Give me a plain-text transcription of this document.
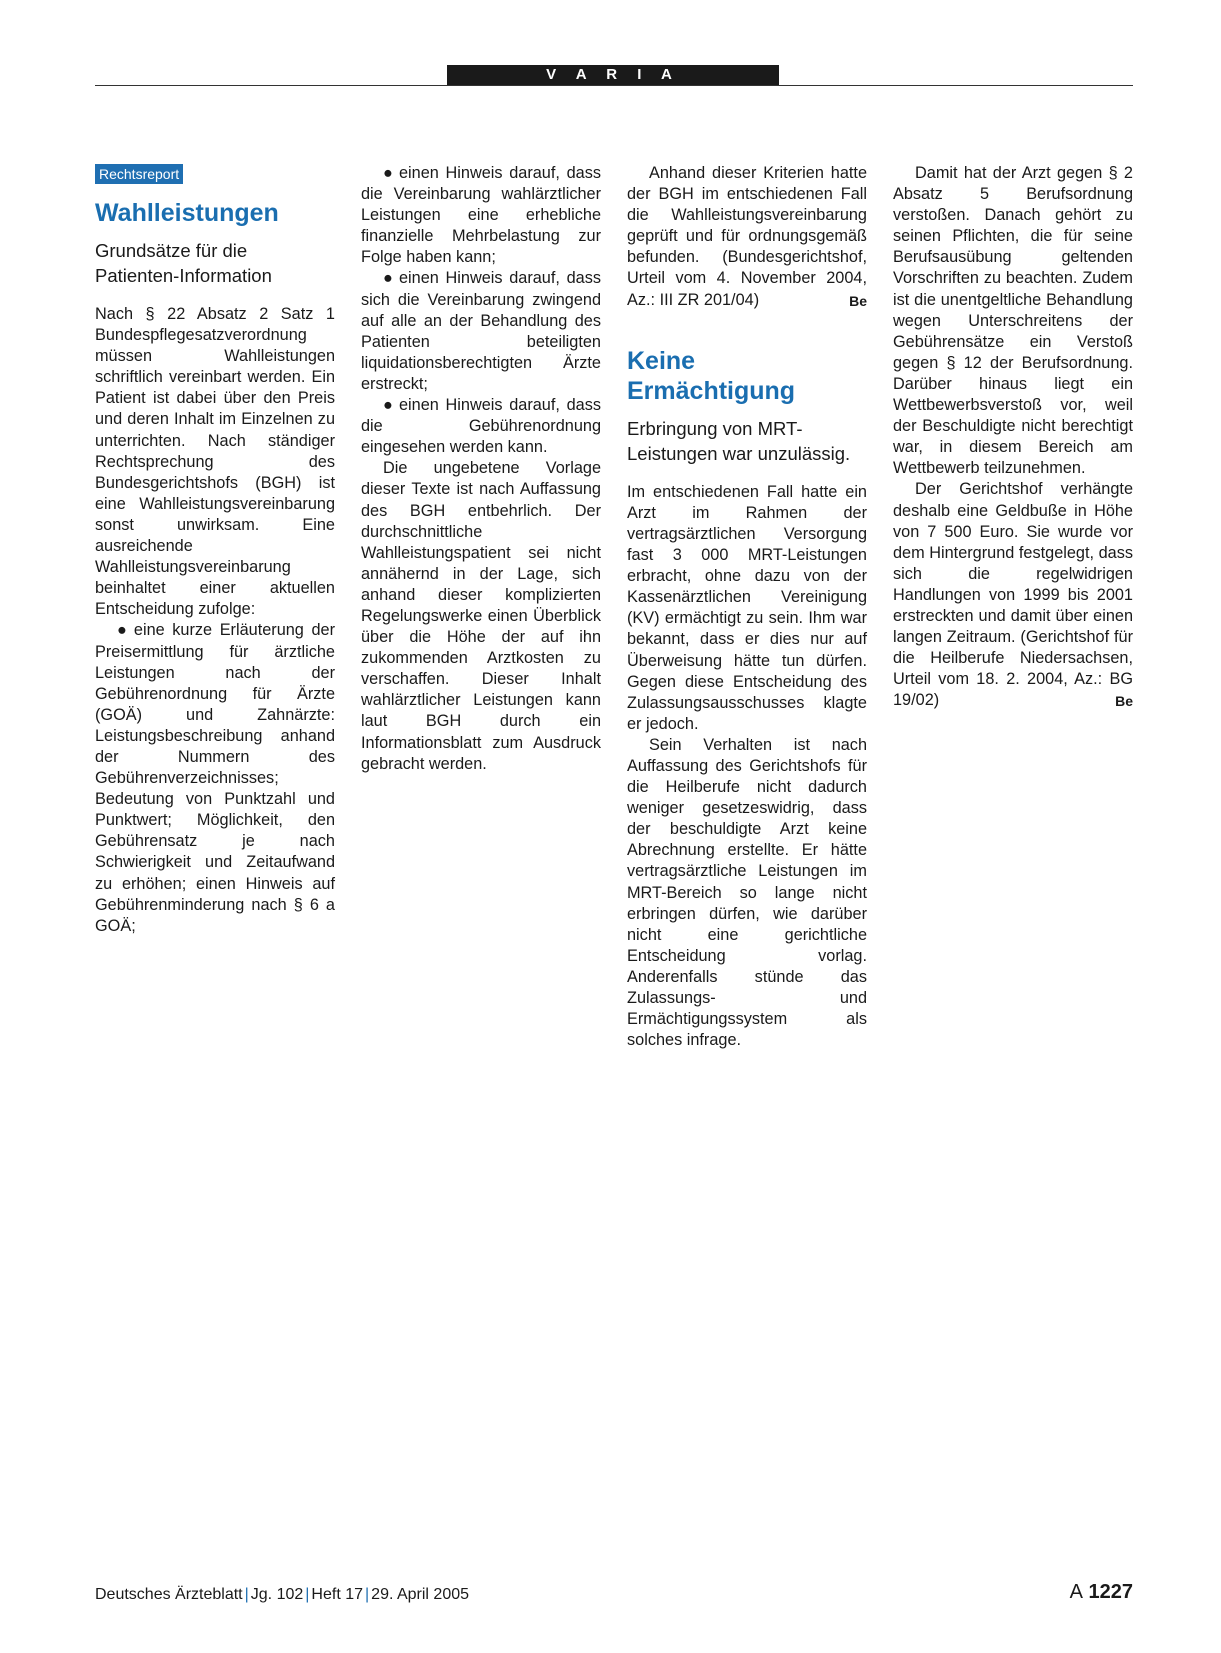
V A R I A
Rechtsreport
Wahlleistungen
Grundsätze für die Patienten-Information

Nach § 22 Absatz 2 Satz 1 Bundespflegesatzverordnung müssen Wahlleistungen schriftlich vereinbart werden. Ein Patient ist dabei über den Preis und deren Inhalt im Einzelnen zu unterrichten. Nach ständiger Rechtsprechung des Bundesgerichtshofs (BGH) ist eine Wahlleistungsvereinbarung sonst unwirksam. Eine ausreichende Wahlleistungsvereinbarung beinhaltet einer aktuellen Entscheidung zufolge:

● eine kurze Erläuterung der Preisermittlung für ärztliche Leistungen nach der Gebührenordnung für Ärzte (GOÄ) und Zahnärzte: Leistungsbeschreibung anhand der Nummern des Gebührenverzeichnisses; Bedeutung von Punktzahl und Punktwert; Möglichkeit, den Gebührensatz je nach Schwierigkeit und Zeitaufwand zu erhöhen; einen Hinweis auf Gebührenminderung nach § 6 a GOÄ;

● einen Hinweis darauf, dass die Vereinbarung wahlärztlicher Leistungen eine erhebliche finanzielle Mehrbelastung zur Folge haben kann;

● einen Hinweis darauf, dass sich die Vereinbarung zwingend auf alle an der Behandlung des Patienten beteiligten liquidationsberechtigten Ärzte erstreckt;

● einen Hinweis darauf, dass die Gebührenordnung eingesehen werden kann.

Die ungebetene Vorlage dieser Texte ist nach Auffassung des BGH entbehrlich. Der durchschnittliche Wahlleistungspatient sei nicht annähernd in der Lage, sich anhand dieser komplizierten Regelungswerke einen Überblick über die Höhe der auf ihn zukommenden Arztkosten zu verschaffen. Dieser Inhalt wahlärztlicher Leistungen kann laut BGH durch ein Informationsblatt zum Ausdruck gebracht werden.

Anhand dieser Kriterien hatte der BGH im entschiedenen Fall die Wahlleistungsvereinbarung geprüft und für ordnungsgemäß befunden. (Bundesgerichtshof, Urteil vom 4. November 2004, Az.: III ZR 201/04)	Be
Keine Ermächtigung
Erbringung von MRT-Leistungen war unzulässig.

Im entschiedenen Fall hatte ein Arzt im Rahmen der vertragsärztlichen Versorgung fast 3 000 MRT-Leistungen erbracht, ohne dazu von der Kassenärztlichen Vereinigung (KV) ermächtigt zu sein. Ihm war bekannt, dass er dies nur auf Überweisung hätte tun dürfen. Gegen diese Entscheidung des Zulassungsausschusses klagte er jedoch.

Sein Verhalten ist nach Auffassung des Gerichtshofs für die Heilberufe nicht dadurch weniger gesetzeswidrig, dass der beschuldigte Arzt keine Abrechnung erstellte. Er hätte vertragsärztliche Leistungen im MRT-Bereich so lange nicht erbringen dürfen, wie darüber nicht eine gerichtliche Entscheidung vorlag. Anderenfalls stünde das Zulassungs- und Ermächtigungssystem als solches infrage.

Damit hat der Arzt gegen § 2 Absatz 5 Berufsordnung verstoßen. Danach gehört zu seinen Pflichten, die für seine Berufsausübung geltenden Vorschriften zu beachten. Zudem ist die unentgeltliche Behandlung wegen Unterschreitens der Gebührensätze ein Verstoß gegen § 12 der Berufsordnung. Darüber hinaus liegt ein Wettbewerbsverstoß vor, weil der Beschuldigte nicht berechtigt war, in diesem Bereich am Wettbewerb teilzunehmen.

Der Gerichtshof verhängte deshalb eine Geldbuße in Höhe von 7 500 Euro. Sie wurde vor dem Hintergrund festgelegt, dass sich die regelwidrigen Handlungen von 1999 bis 2001 erstreckten und damit über einen langen Zeitraum. (Gerichtshof für die Heilberufe Niedersachsen, Urteil vom 18. 2. 2004, Az.: BG 19/02)	Be
Deutsches Ärzteblatt | Jg. 102 | Heft 17 | 29. April 2005	A 1227
